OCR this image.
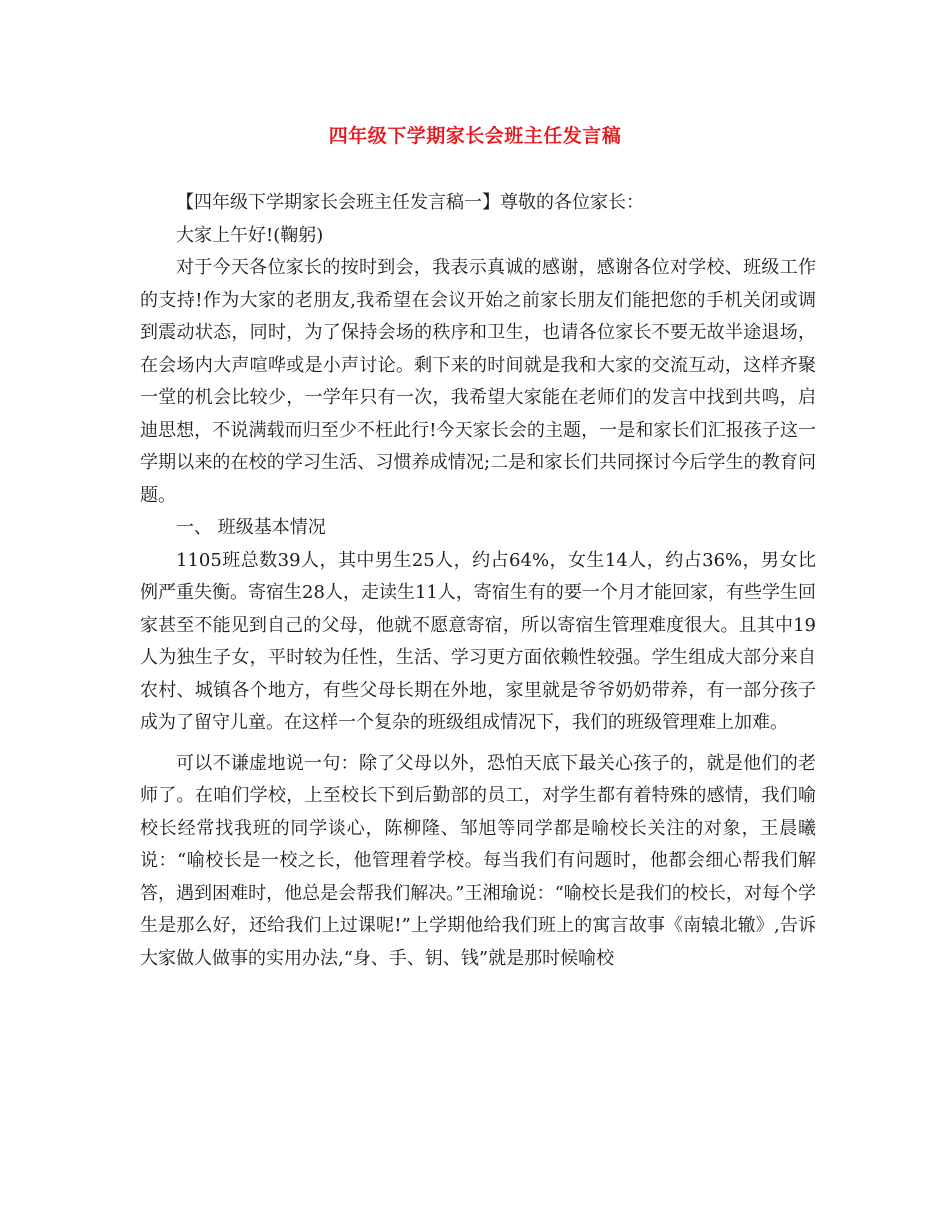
四年级下学期家长会班主任发言稿

【四年级下学期家长会班主任发言稿一】尊敬的各位家长：

大家上午好!(鞠躬)

对于今天各位家长的按时到会，我表示真诚的感谢，感谢各位对学校、班级工作的支持!作为大家的老朋友,我希望在会议开始之前家长朋友们能把您的手机关闭或调到震动状态，同时，为了保持会场的秩序和卫生，也请各位家长不要无故半途退场，在会场内大声喧哗或是小声讨论。剩下来的时间就是我和大家的交流互动，这样齐聚一堂的机会比较少，一学年只有一次，我希望大家能在老师们的发言中找到共鸣，启迪思想，不说满载而归至少不枉此行!今天家长会的主题，一是和家长们汇报孩子这一学期以来的在校的学习生活、习惯养成情况;二是和家长们共同探讨今后学生的教育问题。

一、 班级基本情况

1105班总数39人，其中男生25人，约占64%，女生14人，约占36%，男女比例严重失衡。寄宿生28人，走读生11人，寄宿生有的要一个月才能回家，有些学生回家甚至不能见到自己的父母，他就不愿意寄宿，所以寄宿生管理难度很大。且其中19人为独生子女，平时较为任性，生活、学习更方面依赖性较强。学生组成大部分来自农村、城镇各个地方，有些父母长期在外地，家里就是爷爷奶奶带养，有一部分孩子成为了留守儿童。在这样一个复杂的班级组成情况下，我们的班级管理难上加难。

可以不谦虚地说一句：除了父母以外，恐怕天底下最关心孩子的，就是他们的老师了。在咱们学校，上至校长下到后勤部的员工，对学生都有着特殊的感情，我们喻校长经常找我班的同学谈心，陈柳隆、邹旭等同学都是喻校长关注的对象，王晨曦说：“喻校长是一校之长，他管理着学校。每当我们有问题时，他都会细心帮我们解答，遇到困难时，他总是会帮我们解决。”王湘瑜说：“喻校长是我们的校长，对每个学生是那么好，还给我们上过课呢!”上学期他给我们班上的寓言故事《南辕北辙》,告诉大家做人做事的实用办法,“身、手、钥、钱”就是那时候喻校
